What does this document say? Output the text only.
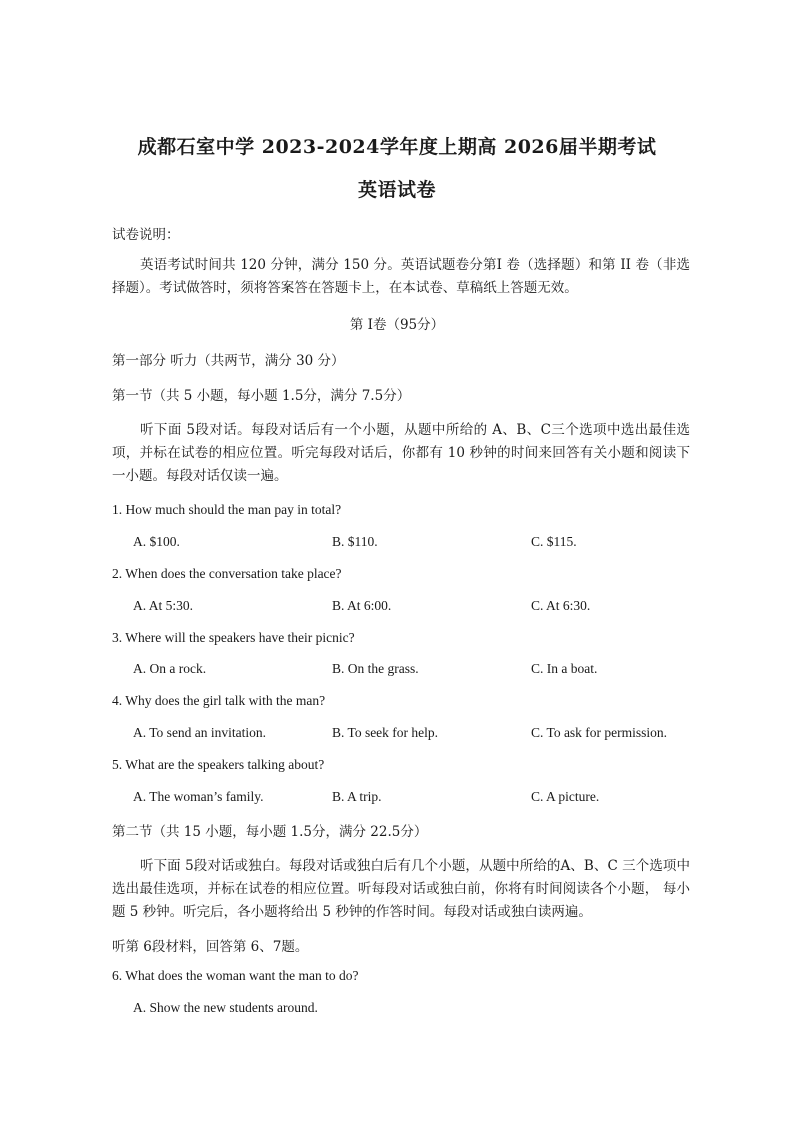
成都石室中学 2023-2024学年度上期高 2026届半期考试
英语试卷
试卷说明：
英语考试时间共 120 分钟，满分 150 分。英语试题卷分第I 卷（选择题）和第 II 卷（非选择题）。考试做答时，须将答案答在答题卡上，在本试卷、草稿纸上答题无效。
第 I卷（95分）
第一部分 听力（共两节，满分 30 分）
第一节（共 5 小题，每小题 1.5分，满分 7.5分）
听下面 5段对话。每段对话后有一个小题，从题中所给的 A、B、C三个选项中选出最佳选项，并标在试卷的相应位置。听完每段对话后，你都有 10 秒钟的时间来回答有关小题和阅读下一小题。每段对话仅读一遍。
1. How much should the man pay in total?
A. $100.	B. $110.	C. $115.
2. When does the conversation take place?
A. At 5:30.	B. At 6:00.	C. At 6:30.
3. Where will the speakers have their picnic?
A. On a rock.	B. On the grass.	C. In a boat.
4. Why does the girl talk with the man?
A. To send an invitation.	B. To seek for help.	C. To ask for permission.
5. What are the speakers talking about?
A. The woman’s family.	B. A trip.	C. A picture.
第二节（共 15 小题，每小题 1.5分，满分 22.5分）
听下面 5段对话或独白。每段对话或独白后有几个小题，从题中所给的A、B、C 三个选项中选出最佳选项，并标在试卷的相应位置。听每段对话或独白前，你将有时间阅读各个小题， 每小题 5 秒钟。听完后，各小题将给出 5 秒钟的作答时间。每段对话或独白读两遍。
听第 6段材料，回答第 6、7题。
6. What does the woman want the man to do?
A. Show the new students around.
